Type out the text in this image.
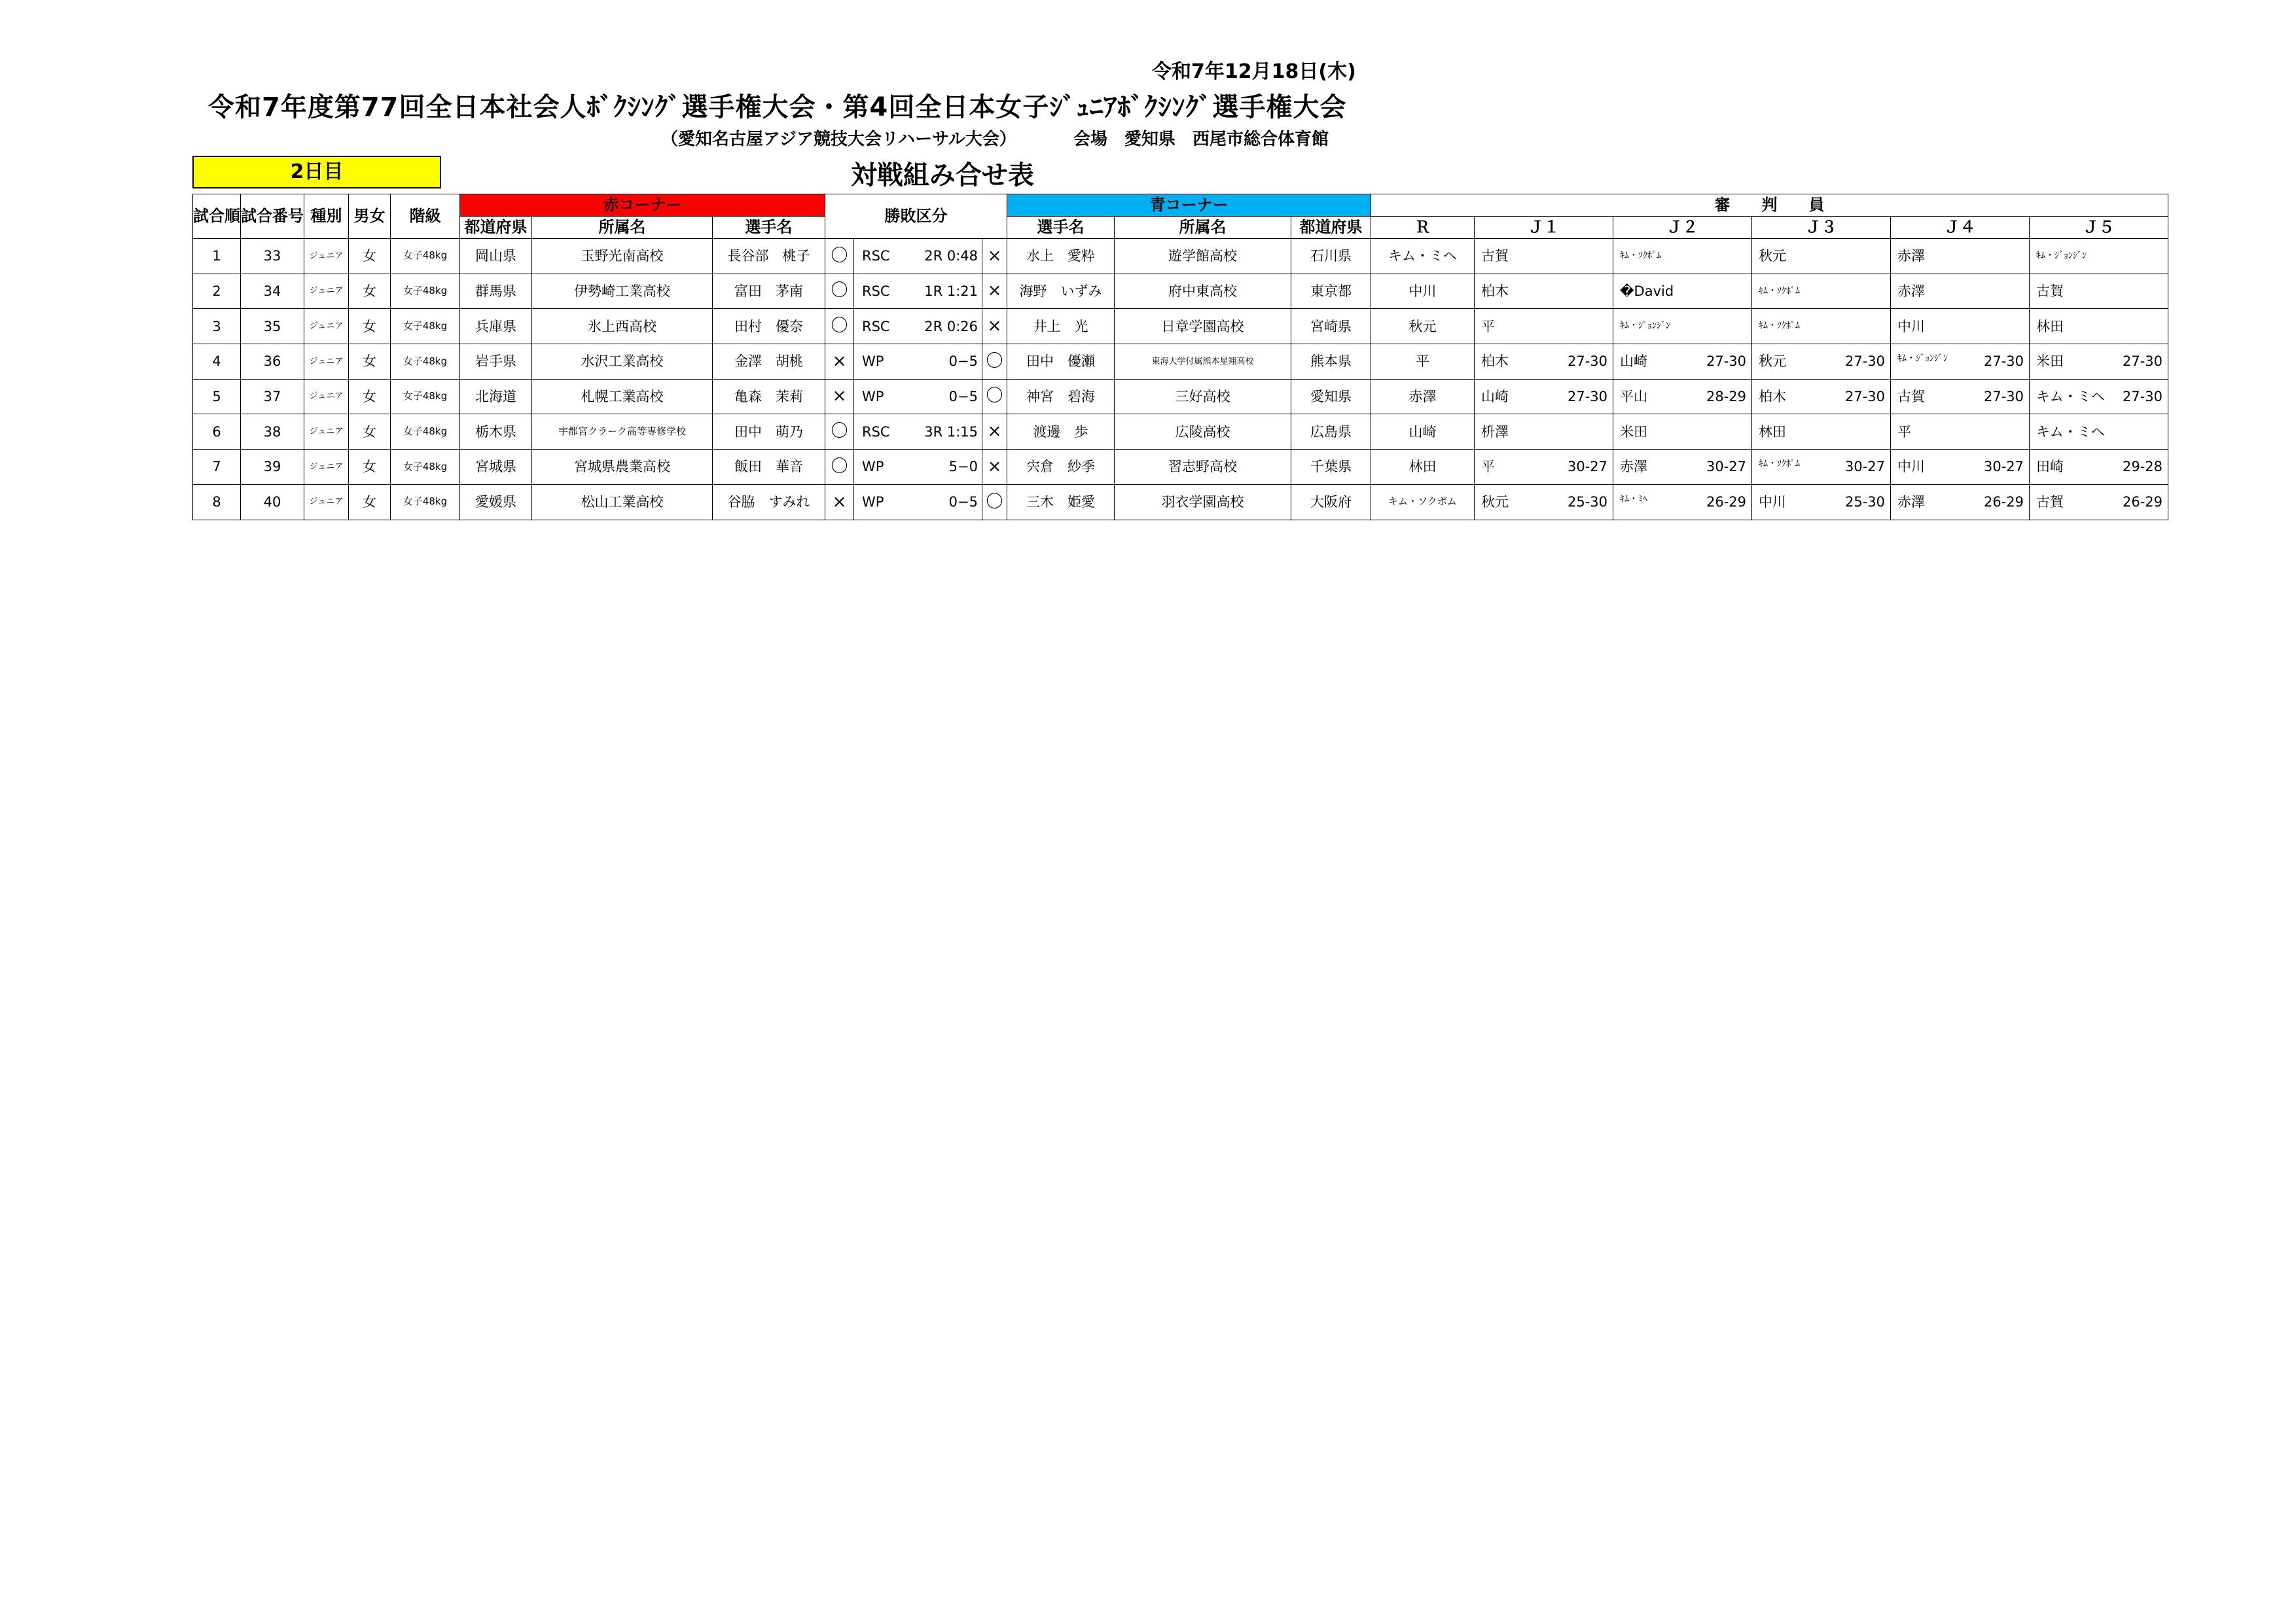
令和7年12月18日(木)
令和7年度第77回全日本社会人ﾎﾞｸｼﾝｸﾞ選手権大会・第4回全日本女子ｼﾞｭﾆｱﾎﾞｸｼﾝｸﾞ選手権大会
（愛知名古屋アジア競技大会リハーサル大会）	会場　愛知県　西尾市総合体育館
2日目	対戦組み合せ表
試合順	試合番号	種別	男女	階級	赤コーナー			勝敗区分			青コーナー			審　　判　　員					
					都道府県	所属名	選手名				選手名	所属名	都道府県	Ｒ	Ｊ１	Ｊ２	Ｊ３	Ｊ４	Ｊ５
1	33	ジュニア	女	女子48kg	岡山県	玉野光南高校	長谷部　桃子	〇	RSC 2R 0:48	×	水上　愛粋	遊学館高校	石川県	キム・ミヘ	古賀	ｷﾑ・ｿｸﾎﾞﾑ	秋元	赤澤	ｷﾑ・ｼﾞｮﾝｼﾞﾝ

2	34	ジュニア	女	女子48kg	群馬県	伊勢崎工業高校	富田　茅南	〇	RSC 1R 1:21	×	海野　いずみ	府中東高校	東京都	中川	柏木	�David	ｷﾑ・ｿｸﾎﾞﾑ	赤澤	古賀

3	35	ジュニア	女	女子48kg	兵庫県	氷上西高校	田村　優奈	〇	RSC 2R 0:26	×	井上　光	日章学園高校	宮崎県	秋元	平	ｷﾑ・ｼﾞｮﾝｼﾞﾝ	ｷﾑ・ｿｸﾎﾞﾑ	中川	林田

4	36	ジュニア	女	女子48kg	岩手県	水沢工業高校	金澤　胡桃	×	WP 0−5	〇	田中　優瀬	東海大学付属熊本星翔高校	熊本県	平	柏木 27-30	山崎 27-30	秋元 27-30	ｷﾑ・ｼﾞｮﾝｼﾞﾝ 27-30	米田 27-30

5	37	ジュニア	女	女子48kg	北海道	札幌工業高校	亀森　茉莉	×	WP 0−5	〇	神宮　碧海	三好高校	愛知県	赤澤	山崎 27-30	平山 28-29	柏木 27-30	古賀 27-30	キム・ミヘ 27-30

6	38	ジュニア	女	女子48kg	栃木県	宇都宮クラーク高等専修学校	田中　萌乃	〇	RSC 3R 1:15	×	渡邊　歩	広陵高校	広島県	山崎	枡澤	米田	林田	平	キム・ミヘ

7	39	ジュニア	女	女子48kg	宮城県	宮城県農業高校	飯田　華音	〇	WP 5−0	×	宍倉　紗季	習志野高校	千葉県	林田	平 30-27	赤澤 30-27	ｷﾑ・ｿｸﾎﾞﾑ 30-27	中川 30-27	田崎 29-28

8	40	ジュニア	女	女子48kg	愛媛県	松山工業高校	谷脇　すみれ	×	WP 0−5	〇	三木　姫愛	羽衣学園高校	大阪府	キム・ソクボム	秋元 25-30	ｷﾑ・ﾐﾍ 26-29	中川 25-30	赤澤 26-29	古賀 26-29
